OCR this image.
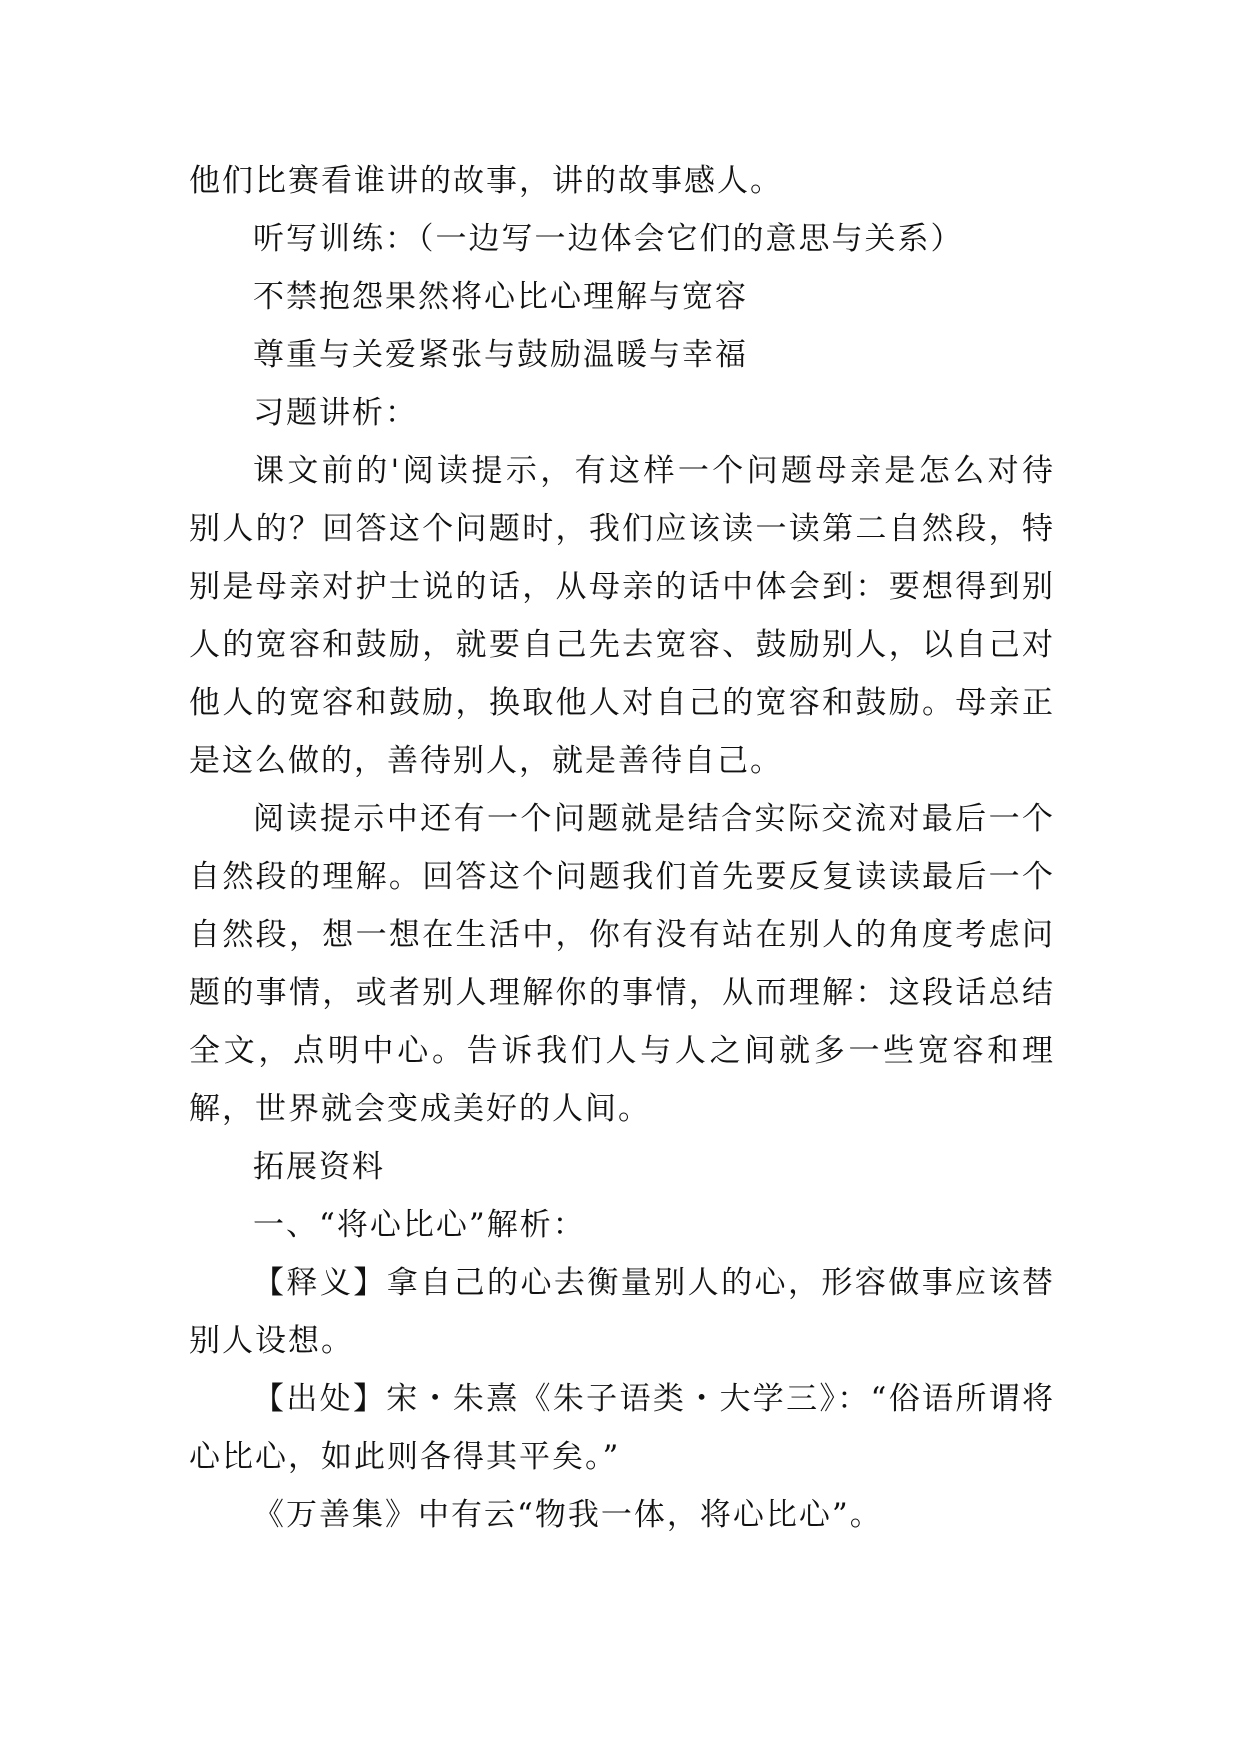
他们比赛看谁讲的故事，讲的故事感人。

听写训练：（一边写一边体会它们的意思与关系）

不禁抱怨果然将心比心理解与宽容

尊重与关爱紧张与鼓励温暖与幸福

习题讲析：

课文前的'阅读提示，有这样一个问题母亲是怎么对待别人的？回答这个问题时，我们应该读一读第二自然段，特别是母亲对护士说的话，从母亲的话中体会到：要想得到别人的宽容和鼓励，就要自己先去宽容、鼓励别人，以自己对他人的宽容和鼓励，换取他人对自己的宽容和鼓励。母亲正是这么做的，善待别人，就是善待自己。

阅读提示中还有一个问题就是结合实际交流对最后一个自然段的理解。回答这个问题我们首先要反复读读最后一个自然段，想一想在生活中，你有没有站在别人的角度考虑问题的事情，或者别人理解你的事情，从而理解：这段话总结全文，点明中心。告诉我们人与人之间就多一些宽容和理解，世界就会变成美好的人间。

拓展资料

一、“将心比心”解析：

【释义】拿自己的心去衡量别人的心，形容做事应该替别人设想。

【出处】宋・朱熹《朱子语类・大学三》：“俗语所谓将心比心，如此则各得其平矣。”

《万善集》中有云“物我一体，将心比心”。
